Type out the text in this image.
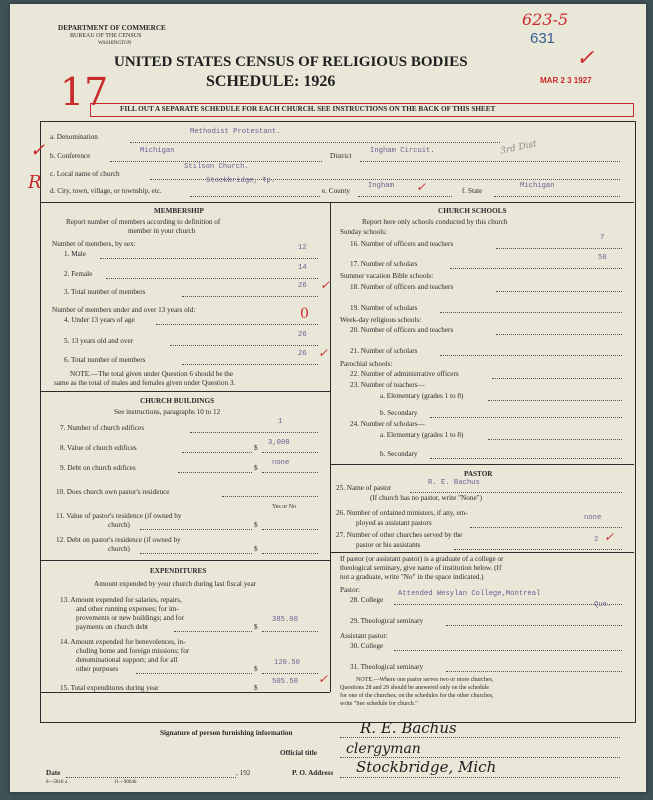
DEPARTMENT OF COMMERCE
BUREAU OF THE CENSUS
WASHINGTON
623-5
631
✓
MAR 2 3 1927
UNITED STATES CENSUS OF RELIGIOUS BODIES
SCHEDULE: 1926
17 FILL OUT A SEPARATE SCHEDULE FOR EACH CHURCH. SEE INSTRUCTIONS ON THE BACK OF THIS SHEET
a. Denomination
Methodist Protestant.
✓ b. Conference
Michigan
District
Ingham Circuit.	3rd Dist
c. Local name of church
Stilson Church.
R d. City, town, village, or township, etc.
Stockbridge, Tp.
e. County
Ingham ✓	f. State
Michigan
MEMBERSHIP
Report number of members according to definition of
member in your church
Number of members, by sex:
1. Male
12
2. Female
14
3. Total number of members
26 ✓
Number of members under and over 13 years old:
4. Under 13 years of age	0
5. 13 years old and over
26
6. Total number of members
26 ✓
NOTE.—The total given under Question 6 should be the
same as the total of males and females given under Question 3.
CHURCH BUILDINGS
See instructions, paragraphs 10 to 12
7. Number of church edifices
1
8. Value of church edifices	$
3,000
9. Debt on church edifices	$
none
10. Does church own pastor's residence
Yes or No
11. Value of pastor's residence (if owned by
church)	$
12. Debt on pastor's residence (if owned by
church)	$
EXPENDITURES
Amount expended by your church during last fiscal year
13. Amount expended for salaries, repairs,
and other running expenses; for im-
provements or new buildings; and for
payments on church debt	$
385.00
14. Amount expended for benevolences, in-
cluding home and foreign missions; for
denominational support; and for all
other purposes	$
120.50
15. Total expenditures during year	$
505.50 ✓
CHURCH SCHOOLS
Report here only schools conducted by this church
Sunday schools:
16. Number of officers and teachers
7
17. Number of scholars
50
Summer vacation Bible schools:
18. Number of officers and teachers
19. Number of scholars
Week-day religious schools:
20. Number of officers and teachers
21. Number of scholars
Parochial schools:
22. Number of administrative officers
23. Number of teachers—
a. Elementary (grades 1 to 8)
b. Secondary
24. Number of scholars—
a. Elementary (grades 1 to 8)
b. Secondary
PASTOR
25. Name of pastor
R. E. Bachus
(If church has no pastor, write "None")
26. Number of ordained ministers, if any, em-
ployed as assistant pastors
none
27. Number of other churches served by the
pastor or his assistants
2 ✓
If pastor (or assistant pastor) is a graduate of a college or
theological seminary, give name of institution below. (If
not a graduate, write "No" in the space indicated.)
Pastor:
28. College
Attended Wesylan College,Montreal
Que.
29. Theological seminary
Assistant pastor:
30. College
31. Theological seminary
NOTE.—Where one pastor serves two or more churches,
Questions 28 and 29 should be answered only on the schedule
for one of the churches; on the schedules for the other churches,
write "See schedule for church."
Signature of person furnishing information	R. E. Bachus
Official title clergyman
Date	, 192	P. O. Address Stockbridge, Mich
8—5818 a	11—9064b
